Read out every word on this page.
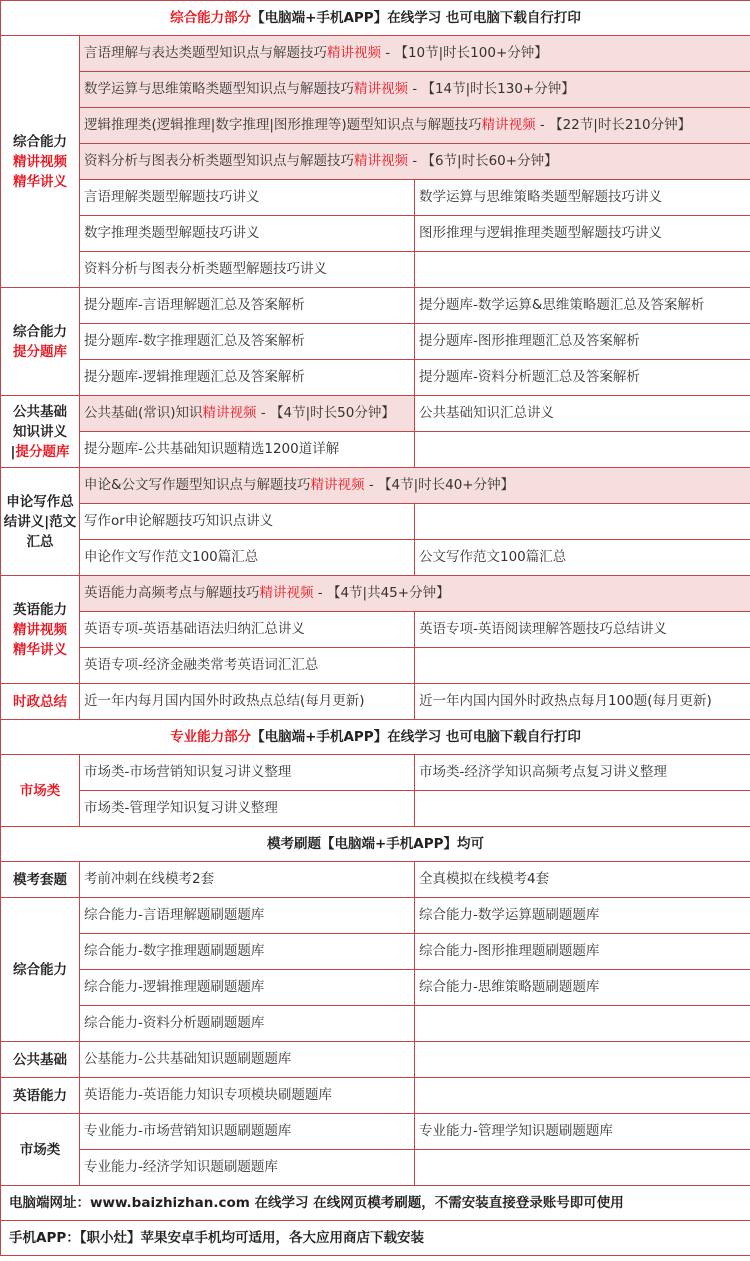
综合能力部分【电脑端+手机APP】在线学习 也可电脑下载自行打印		
综合能力
精讲视频
精华讲义	言语理解与表达类题型知识点与解题技巧精讲视频 - 【10节|时长100+分钟】	
	数学运算与思维策略类题型知识点与解题技巧精讲视频 - 【14节|时长130+分钟】	
	逻辑推理类(逻辑推理|数字推理|图形推理等)题型知识点与解题技巧精讲视频 - 【22节|时长210分钟】	
	资料分析与图表分析类题型知识点与解题技巧精讲视频 - 【6节|时长60+分钟】	
	言语理解类题型解题技巧讲义	数学运算与思维策略类题型解题技巧讲义
	数字推理类题型解题技巧讲义	图形推理与逻辑推理类题型解题技巧讲义
	资料分析与图表分析类题型解题技巧讲义	
综合能力
提分题库	提分题库-言语理解题汇总及答案解析	提分题库-数学运算&思维策略题汇总及答案解析
	提分题库-数字推理题汇总及答案解析	提分题库-图形推理题汇总及答案解析
	提分题库-逻辑推理题汇总及答案解析	提分题库-资料分析题汇总及答案解析
公共基础
知识讲义
|提分题库	公共基础(常识)知识精讲视频 - 【4节|时长50分钟】	公共基础知识汇总讲义
	提分题库-公共基础知识题精选1200道详解	
申论写作总结讲义|范文汇总	申论&公文写作题型知识点与解题技巧精讲视频 - 【4节|时长40+分钟】	
	写作or申论解题技巧知识点讲义	
	申论作文写作范文100篇汇总	公文写作范文100篇汇总
英语能力
精讲视频
精华讲义	英语能力高频考点与解题技巧精讲视频 - 【4节|共45+分钟】	
	英语专项-英语基础语法归纳汇总讲义	英语专项-英语阅读理解答题技巧总结讲义
	英语专项-经济金融类常考英语词汇汇总	
时政总结	近一年内每月国内国外时政热点总结(每月更新)	近一年内国内国外时政热点每月100题(每月更新)
专业能力部分【电脑端+手机APP】在线学习 也可电脑下载自行打印		
市场类	市场类-市场营销知识复习讲义整理	市场类-经济学知识高频考点复习讲义整理
	市场类-管理学知识复习讲义整理	
模考刷题【电脑端+手机APP】均可		
模考套题	考前冲刺在线模考2套	全真模拟在线模考4套
综合能力	综合能力-言语理解题刷题题库	综合能力-数学运算题刷题题库
	综合能力-数字推理题刷题题库	综合能力-图形推理题刷题题库
	综合能力-逻辑推理题刷题题库	综合能力-思维策略题刷题题库
	综合能力-资料分析题刷题题库	
公共基础	公基能力-公共基础知识题刷题题库	
英语能力	英语能力-英语能力知识专项模块刷题题库	
市场类	专业能力-市场营销知识题刷题题库	专业能力-管理学知识题刷题题库
	专业能力-经济学知识题刷题题库	
电脑端网址：www.baizhizhan.com 在线学习 在线网页模考刷题，不需安装直接登录账号即可使用		
手机APP：【职小灶】苹果安卓手机均可适用，各大应用商店下载安装		
